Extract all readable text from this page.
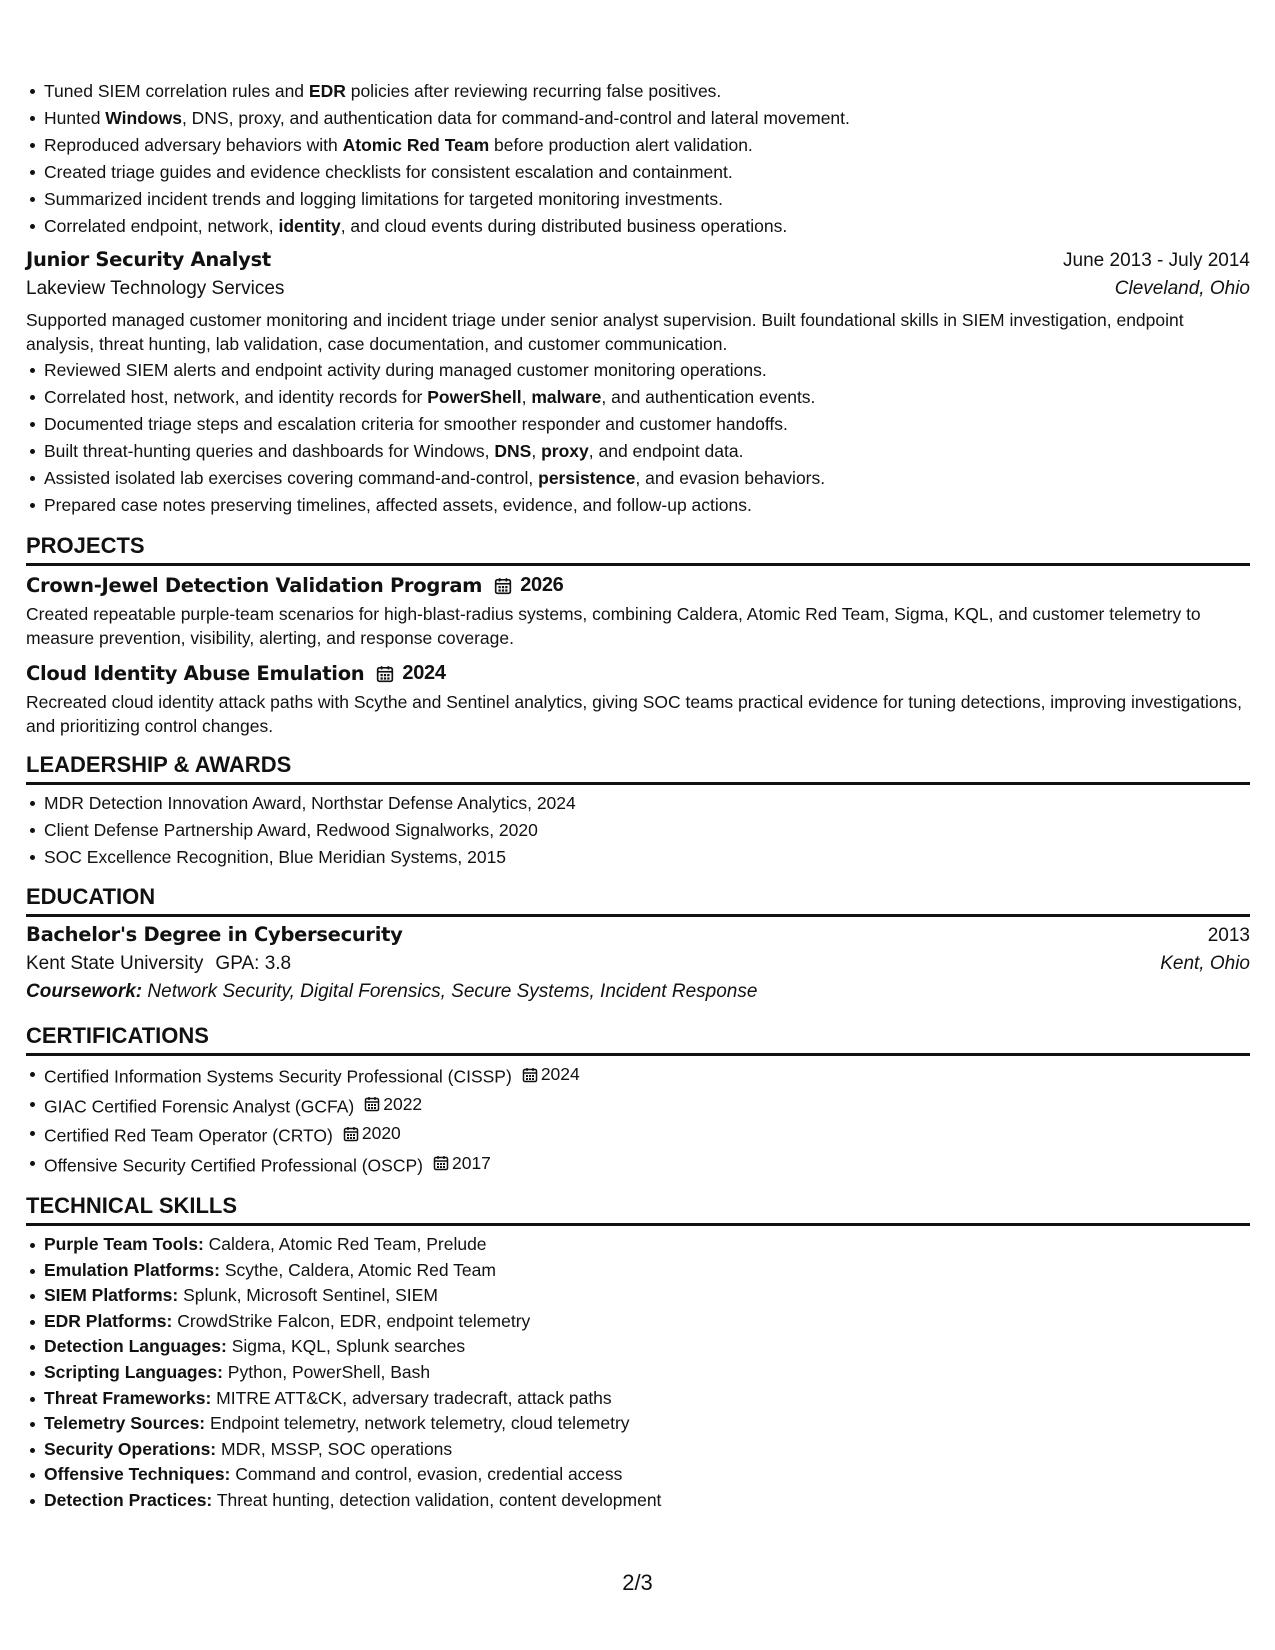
Tuned SIEM correlation rules and EDR policies after reviewing recurring false positives.
Hunted Windows, DNS, proxy, and authentication data for command-and-control and lateral movement.
Reproduced adversary behaviors with Atomic Red Team before production alert validation.
Created triage guides and evidence checklists for consistent escalation and containment.
Summarized incident trends and logging limitations for targeted monitoring investments.
Correlated endpoint, network, identity, and cloud events during distributed business operations.
Junior Security Analyst	June 2013 - July 2014
Lakeview Technology Services	Cleveland, Ohio
Supported managed customer monitoring and incident triage under senior analyst supervision. Built foundational skills in SIEM investigation, endpoint analysis, threat hunting, lab validation, case documentation, and customer communication.
Reviewed SIEM alerts and endpoint activity during managed customer monitoring operations.
Correlated host, network, and identity records for PowerShell, malware, and authentication events.
Documented triage steps and escalation criteria for smoother responder and customer handoffs.
Built threat-hunting queries and dashboards for Windows, DNS, proxy, and endpoint data.
Assisted isolated lab exercises covering command-and-control, persistence, and evasion behaviors.
Prepared case notes preserving timelines, affected assets, evidence, and follow-up actions.
PROJECTS
Crown-Jewel Detection Validation Program 2026
Created repeatable purple-team scenarios for high-blast-radius systems, combining Caldera, Atomic Red Team, Sigma, KQL, and customer telemetry to measure prevention, visibility, alerting, and response coverage.
Cloud Identity Abuse Emulation 2024
Recreated cloud identity attack paths with Scythe and Sentinel analytics, giving SOC teams practical evidence for tuning detections, improving investigations, and prioritizing control changes.
LEADERSHIP & AWARDS
MDR Detection Innovation Award, Northstar Defense Analytics, 2024
Client Defense Partnership Award, Redwood Signalworks, 2020
SOC Excellence Recognition, Blue Meridian Systems, 2015
EDUCATION
Bachelor's Degree in Cybersecurity	2013
Kent State University GPA: 3.8	Kent, Ohio
Coursework: Network Security, Digital Forensics, Secure Systems, Incident Response
CERTIFICATIONS
Certified Information Systems Security Professional (CISSP) 2024
GIAC Certified Forensic Analyst (GCFA) 2022
Certified Red Team Operator (CRTO) 2020
Offensive Security Certified Professional (OSCP) 2017
TECHNICAL SKILLS
Purple Team Tools: Caldera, Atomic Red Team, Prelude
Emulation Platforms: Scythe, Caldera, Atomic Red Team
SIEM Platforms: Splunk, Microsoft Sentinel, SIEM
EDR Platforms: CrowdStrike Falcon, EDR, endpoint telemetry
Detection Languages: Sigma, KQL, Splunk searches
Scripting Languages: Python, PowerShell, Bash
Threat Frameworks: MITRE ATT&CK, adversary tradecraft, attack paths
Telemetry Sources: Endpoint telemetry, network telemetry, cloud telemetry
Security Operations: MDR, MSSP, SOC operations
Offensive Techniques: Command and control, evasion, credential access
Detection Practices: Threat hunting, detection validation, content development
2/3
